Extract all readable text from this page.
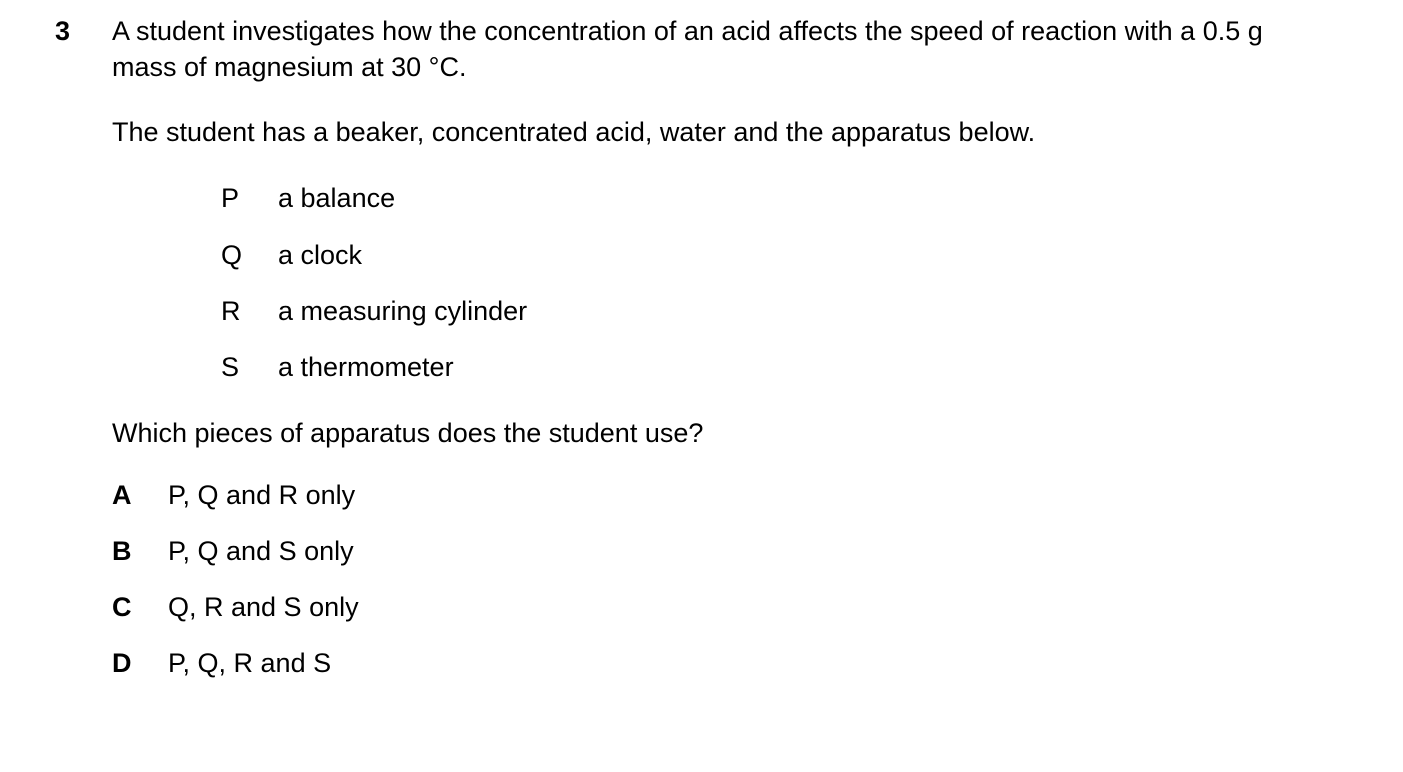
3 A student investigates how the concentration of an acid affects the speed of reaction with a 0.5 g
mass of magnesium at 30 °C.
The student has a beaker, concentrated acid, water and the apparatus below.
P a balance
Q a clock
R a measuring cylinder
S a thermometer
Which pieces of apparatus does the student use?
A P, Q and R only
B P, Q and S only
C Q, R and S only
D P, Q, R and S
